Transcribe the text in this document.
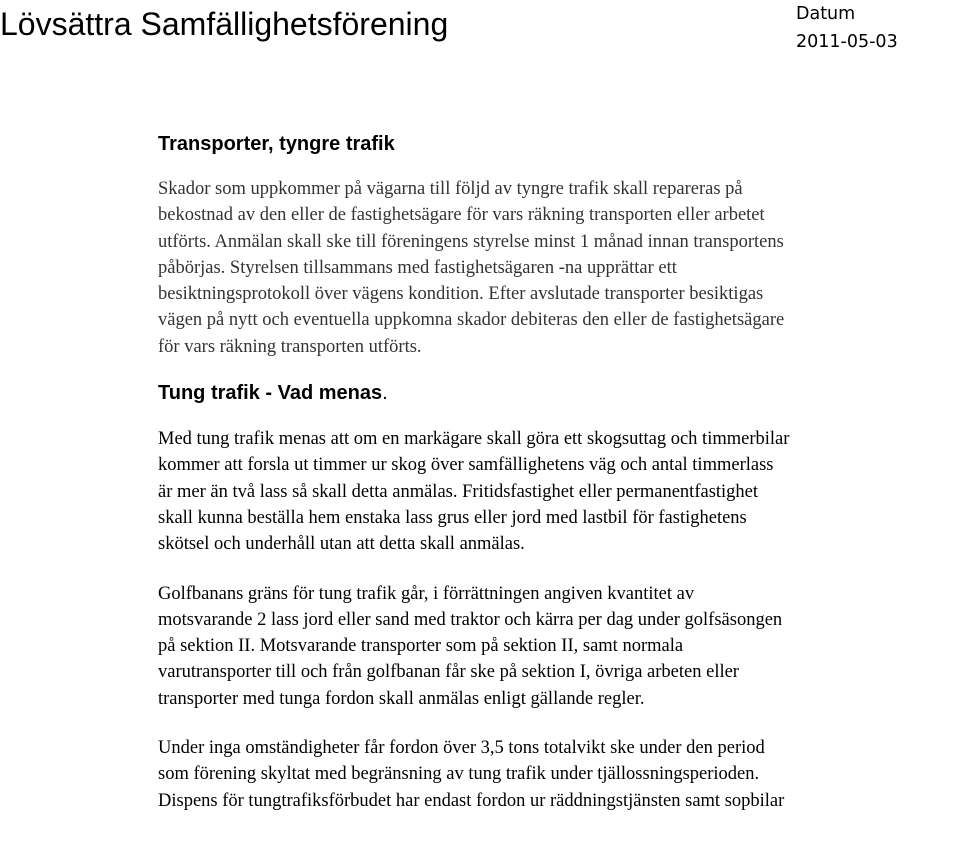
Lövsättra Samfällighetsförening	Datum
2011-05-03
Transporter, tyngre trafik

Skador som uppkommer på vägarna till följd av tyngre trafik skall repareras på
bekostnad av den eller de fastighetsägare för vars räkning transporten eller arbetet
utförts. Anmälan skall ske till föreningens styrelse minst 1 månad innan transportens
påbörjas. Styrelsen tillsammans med fastighetsägaren -na upprättar ett
besiktningsprotokoll över vägens kondition. Efter avslutade transporter besiktigas
vägen på nytt och eventuella uppkomna skador debiteras den eller de fastighetsägare
för vars räkning transporten utförts.

Tung trafik - Vad menas.

Med tung trafik menas att om en markägare skall göra ett skogsuttag och timmerbilar
kommer att forsla ut timmer ur skog över samfällighetens väg och antal timmerlass
är mer än två lass så skall detta anmälas. Fritidsfastighet eller permanentfastighet
skall kunna beställa hem enstaka lass grus eller jord med lastbil för fastighetens
skötsel och underhåll utan att detta skall anmälas.

Golfbanans gräns för tung trafik går, i förrättningen angiven kvantitet av
motsvarande 2 lass jord eller sand med traktor och kärra per dag under golfsäsongen
på sektion II. Motsvarande transporter som på sektion II, samt normala
varutransporter till och från golfbanan får ske på sektion I, övriga arbeten eller
transporter med tunga fordon skall anmälas enligt gällande regler.

Under inga omständigheter får fordon över 3,5 tons totalvikt ske under den period
som förening skyltat med begränsning av tung trafik under tjällossningsperioden.
Dispens för tungtrafiksförbudet har endast fordon ur räddningstjänsten samt sopbilar
